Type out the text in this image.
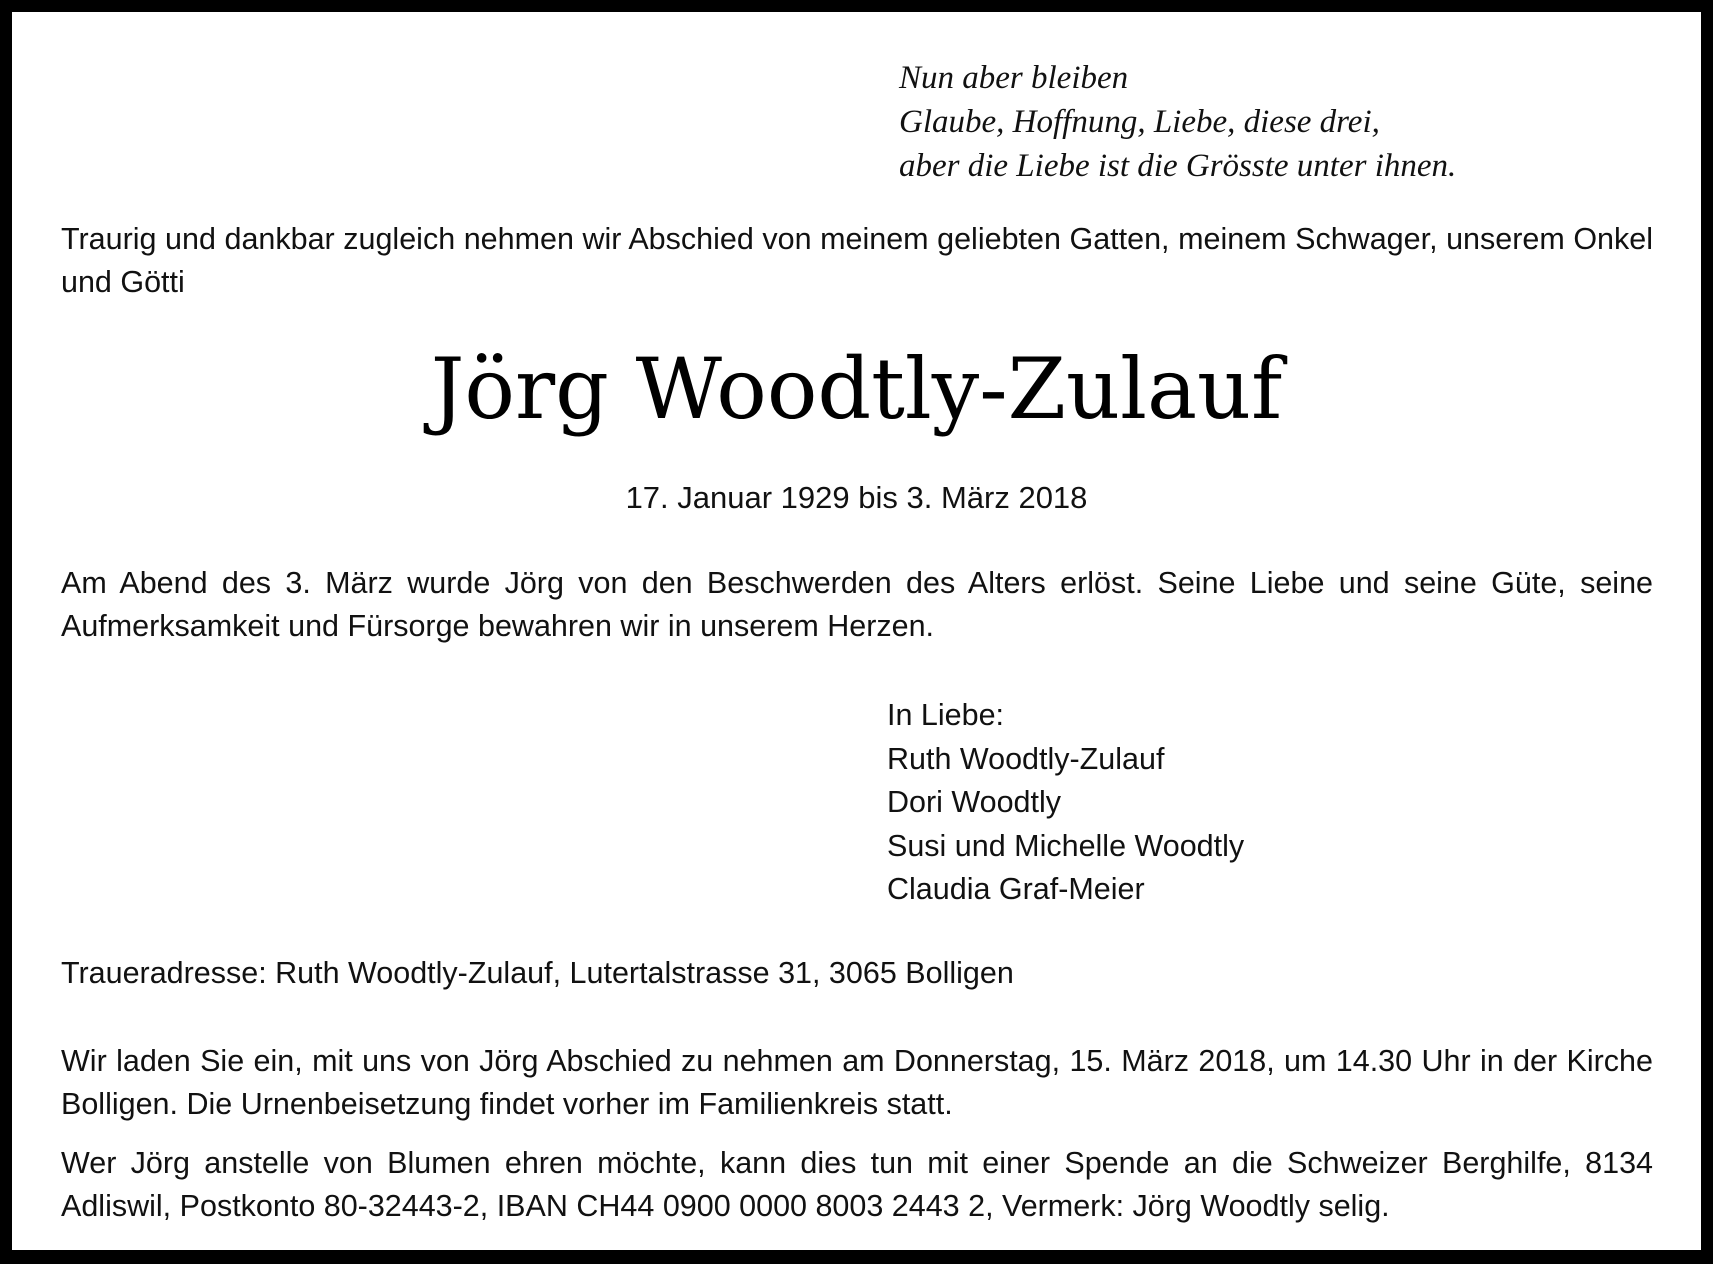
Nun aber bleiben
Glaube, Hoffnung, Liebe, diese drei,
aber die Liebe ist die Grösste unter ihnen.
Traurig und dankbar zugleich nehmen wir Abschied von meinem geliebten Gatten, meinem Schwager, unserem Onkel und Götti
Jörg Woodtly-Zulauf
17. Januar 1929 bis 3. März 2018
Am Abend des 3. März wurde Jörg von den Beschwerden des Alters erlöst. Seine Liebe und seine Güte, seine Aufmerksamkeit und Fürsorge bewahren wir in unserem Herzen.
In Liebe:
Ruth Woodtly-Zulauf
Dori Woodtly
Susi und Michelle Woodtly
Claudia Graf-Meier
Traueradresse: Ruth Woodtly-Zulauf, Lutertalstrasse 31, 3065 Bolligen
Wir laden Sie ein, mit uns von Jörg Abschied zu nehmen am Donnerstag, 15. März 2018, um 14.30 Uhr in der Kirche Bolligen. Die Urnenbeisetzung findet vorher im Familienkreis statt.
Wer Jörg anstelle von Blumen ehren möchte, kann dies tun mit einer Spende an die Schweizer Berghilfe, 8134 Adliswil, Postkonto 80-32443-2, IBAN CH44 0900 0000 8003 2443 2, Vermerk: Jörg Woodtly selig.
